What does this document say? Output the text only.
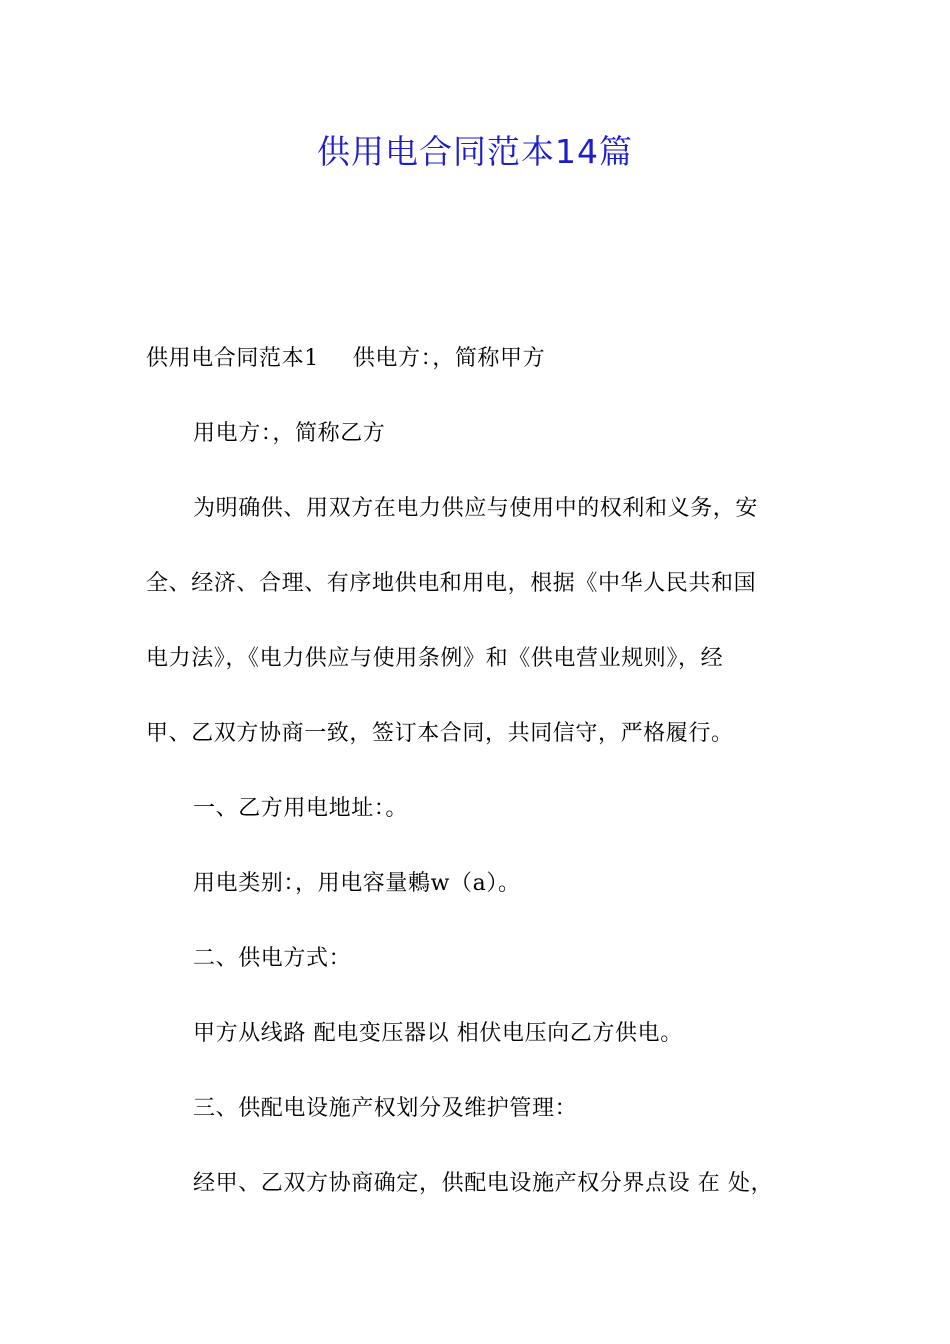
供用电合同范本14篇
供用电合同范本1 供电方：，简称甲方
用电方：，简称乙方
为明确供、用双方在电力供应与使用中的权利和义务，安
全、经济、合理、有序地供电和用电，根据《中华人民共和国
电力法》，《电力供应与使用条例》和《供电营业规则》，经
甲、乙双方协商一致，签订本合同，共同信守，严格履行。
一、乙方用电地址：。
用电类别：，用电容量鶇w（a）。
二、供电方式：
甲方从线路 配电变压器以 相伏电压向乙方供电。
三、供配电设施产权划分及维护管理：
经甲、乙双方协商确定，供配电设施产权分界点设 在 处，
